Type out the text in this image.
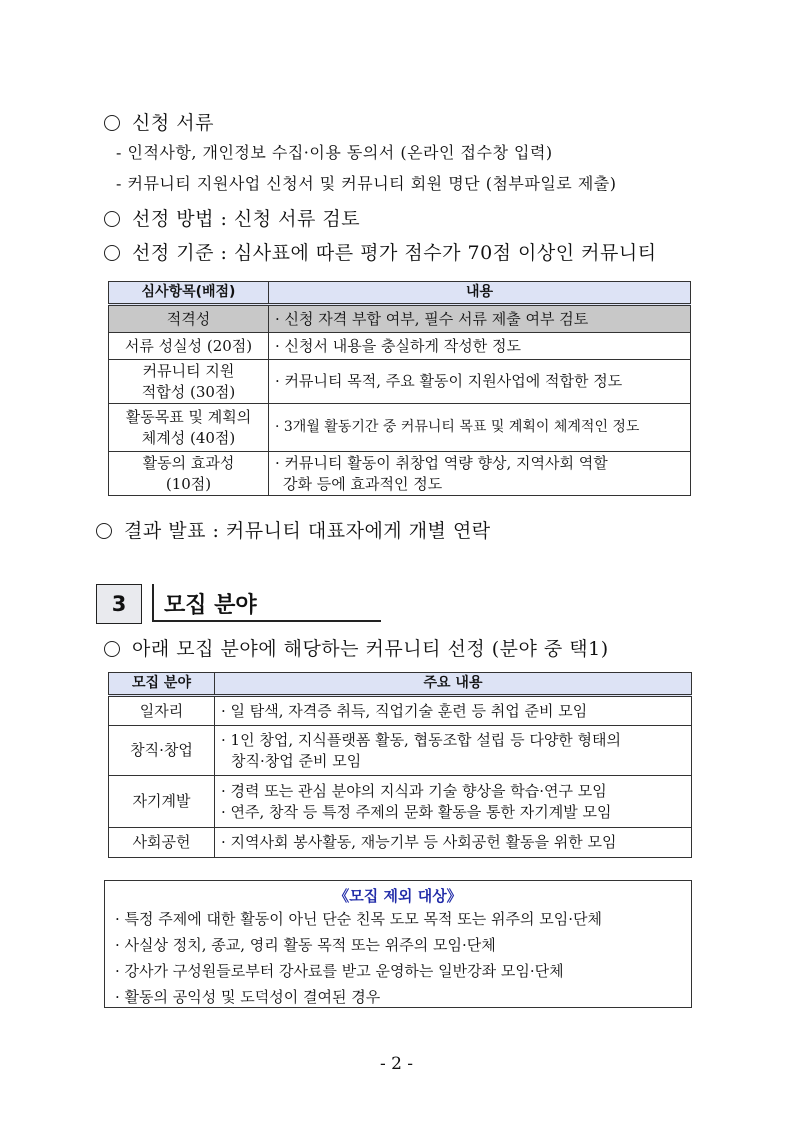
신청 서류
- 인적사항, 개인정보 수집·이용 동의서 (온라인 접수창 입력)
- 커뮤니티 지원사업 신청서 및 커뮤니티 회원 명단 (첨부파일로 제출)
선정 방법 : 신청 서류 검토
선정 기준 : 심사표에 따른 평가 점수가 70점 이상인 커뮤니티
심사항목(배점)	내용
적격성	· 신청 자격 부합 여부, 필수 서류 제출 여부 검토
서류 성실성 (20점)	· 신청서 내용을 충실하게 작성한 정도
커뮤니티 지원
적합성 (30점)	· 커뮤니티 목적, 주요 활동이 지원사업에 적합한 정도
활동목표 및 계획의
체계성 (40점)	· 3개월 활동기간 중 커뮤니티 목표 및 계획이 체계적인 정도
활동의 효과성
(10점)	· 커뮤니티 활동이 취창업 역량 향상, 지역사회 역할
강화 등에 효과적인 정도
결과 발표 : 커뮤니티 대표자에게 개별 연락
3	모집 분야
아래 모집 분야에 해당하는 커뮤니티 선정 (분야 중 택1)
모집 분야	주요 내용
일자리	· 일 탐색, 자격증 취득, 직업기술 훈련 등 취업 준비 모임
창직·창업	· 1인 창업, 지식플랫폼 활동, 협동조합 설립 등 다양한 형태의
창직·창업 준비 모임
자기계발	· 경력 또는 관심 분야의 지식과 기술 향상을 학습·연구 모임
· 연주, 창작 등 특정 주제의 문화 활동을 통한 자기계발 모임
사회공헌	· 지역사회 봉사활동, 재능기부 등 사회공헌 활동을 위한 모임
《모집 제외 대상》
· 특정 주제에 대한 활동이 아닌 단순 친목 도모 목적 또는 위주의 모임·단체
· 사실상 정치, 종교, 영리 활동 목적 또는 위주의 모임·단체
· 강사가 구성원들로부터 강사료를 받고 운영하는 일반강좌 모임·단체
· 활동의 공익성 및 도덕성이 결여된 경우
- 2 -
